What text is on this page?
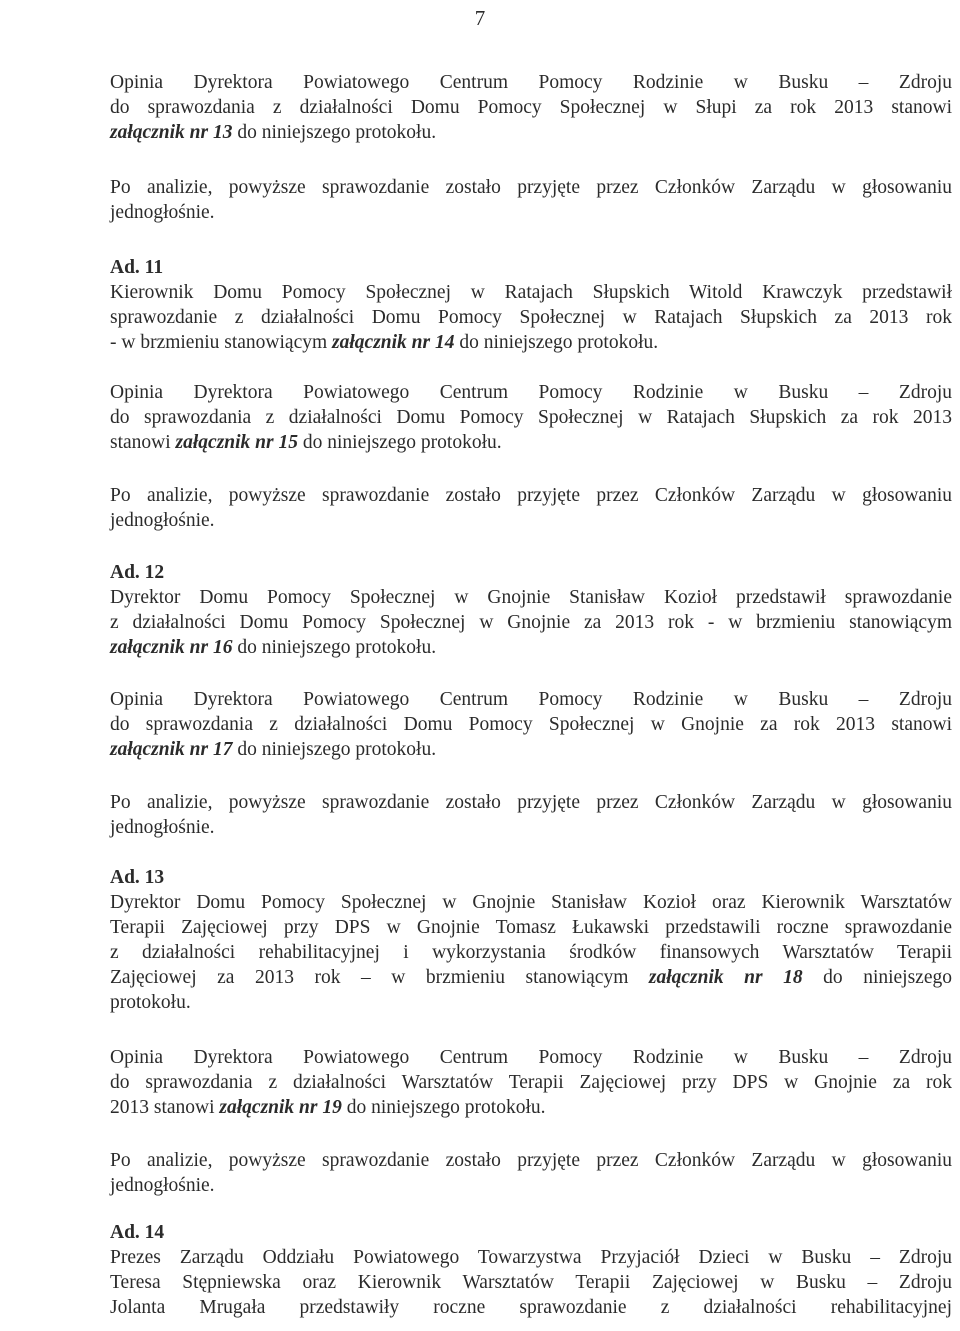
7
Opinia Dyrektora Powiatowego Centrum Pomocy Rodzinie w Busku – Zdroju
do sprawozdania z działalności Domu Pomocy Społecznej w Słupi za rok 2013 stanowi
załącznik nr 13 do niniejszego protokołu.
Po analizie, powyższe sprawozdanie zostało przyjęte przez Członków Zarządu w głosowaniu
jednogłośnie.
Ad. 11
Kierownik Domu Pomocy Społecznej w Ratajach Słupskich Witold Krawczyk przedstawił
sprawozdanie z działalności Domu Pomocy Społecznej w Ratajach Słupskich za 2013 rok
- w brzmieniu stanowiącym załącznik nr 14 do niniejszego protokołu.
Opinia Dyrektora Powiatowego Centrum Pomocy Rodzinie w Busku – Zdroju
do sprawozdania z działalności Domu Pomocy Społecznej w Ratajach Słupskich za rok 2013
stanowi załącznik nr 15 do niniejszego protokołu.
Po analizie, powyższe sprawozdanie zostało przyjęte przez Członków Zarządu w głosowaniu
jednogłośnie.
Ad. 12
Dyrektor Domu Pomocy Społecznej w Gnojnie Stanisław Kozioł przedstawił sprawozdanie
z działalności Domu Pomocy Społecznej w Gnojnie za 2013 rok - w brzmieniu stanowiącym
załącznik nr 16 do niniejszego protokołu.
Opinia Dyrektora Powiatowego Centrum Pomocy Rodzinie w Busku – Zdroju
do sprawozdania z działalności Domu Pomocy Społecznej w Gnojnie za rok 2013 stanowi
załącznik nr 17 do niniejszego protokołu.
Po analizie, powyższe sprawozdanie zostało przyjęte przez Członków Zarządu w głosowaniu
jednogłośnie.
Ad. 13
Dyrektor Domu Pomocy Społecznej w Gnojnie Stanisław Kozioł oraz Kierownik Warsztatów
Terapii Zajęciowej przy DPS w Gnojnie Tomasz Łukawski przedstawili roczne sprawozdanie
z działalności rehabilitacyjnej i wykorzystania środków finansowych Warsztatów Terapii
Zajęciowej za 2013 rok – w brzmieniu stanowiącym załącznik nr 18 do niniejszego
protokołu.
Opinia Dyrektora Powiatowego Centrum Pomocy Rodzinie w Busku – Zdroju
do sprawozdania z działalności Warsztatów Terapii Zajęciowej przy DPS w Gnojnie za rok
2013 stanowi załącznik nr 19 do niniejszego protokołu.
Po analizie, powyższe sprawozdanie zostało przyjęte przez Członków Zarządu w głosowaniu
jednogłośnie.
Ad. 14
Prezes Zarządu Oddziału Powiatowego Towarzystwa Przyjaciół Dzieci w Busku – Zdroju
Teresa Stępniewska oraz Kierownik Warsztatów Terapii Zajęciowej w Busku – Zdroju
Jolanta Mrugała przedstawiły roczne sprawozdanie z działalności rehabilitacyjnej
